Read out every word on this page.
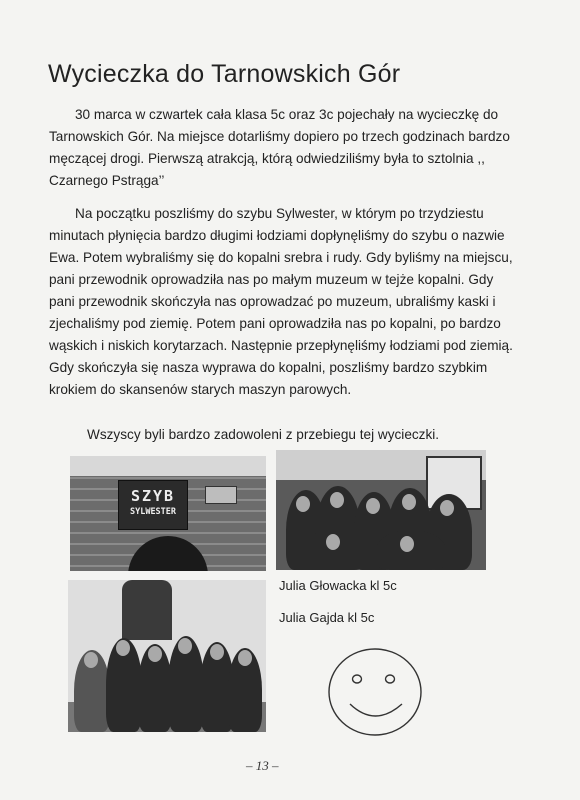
Wycieczka do Tarnowskich Gór

30 marca w czwartek cała klasa 5c oraz 3c pojechały na wycieczkę do Tarnowskich Gór. Na miejsce dotarliśmy dopiero po trzech godzinach bardzo męczącej drogi. Pierwszą atrakcją, którą odwiedziliśmy była to sztolnia ,, Czarnego Pstrąga’’

Na początku poszliśmy do szybu Sylwester, w którym po trzydziestu minutach płynięcia bardzo długimi łodziami dopłynęliśmy do szybu o nazwie Ewa. Potem wybraliśmy się do kopalni srebra i rudy. Gdy byliśmy na miejscu, pani przewodnik oprowadziła nas po małym muzeum w tejże kopalni. Gdy pani przewodnik skończyła nas oprowadzać po muzeum, ubraliśmy kaski i zjechaliśmy pod ziemię. Potem pani oprowadziła nas po kopalni, po bardzo wąskich i niskich korytarzach. Następnie przepłynęliśmy łodziami pod ziemią. Gdy skończyła się nasza wyprawa do kopalni, poszliśmy bardzo szybkim krokiem do skansenów starych maszyn parowych.

Wszyscy byli bardzo zadowoleni z przebiegu tej wycieczki.

SZYB
SYLWESTER
Julia Głowacka kl 5c
Julia Gajda kl 5c
– 13 –
